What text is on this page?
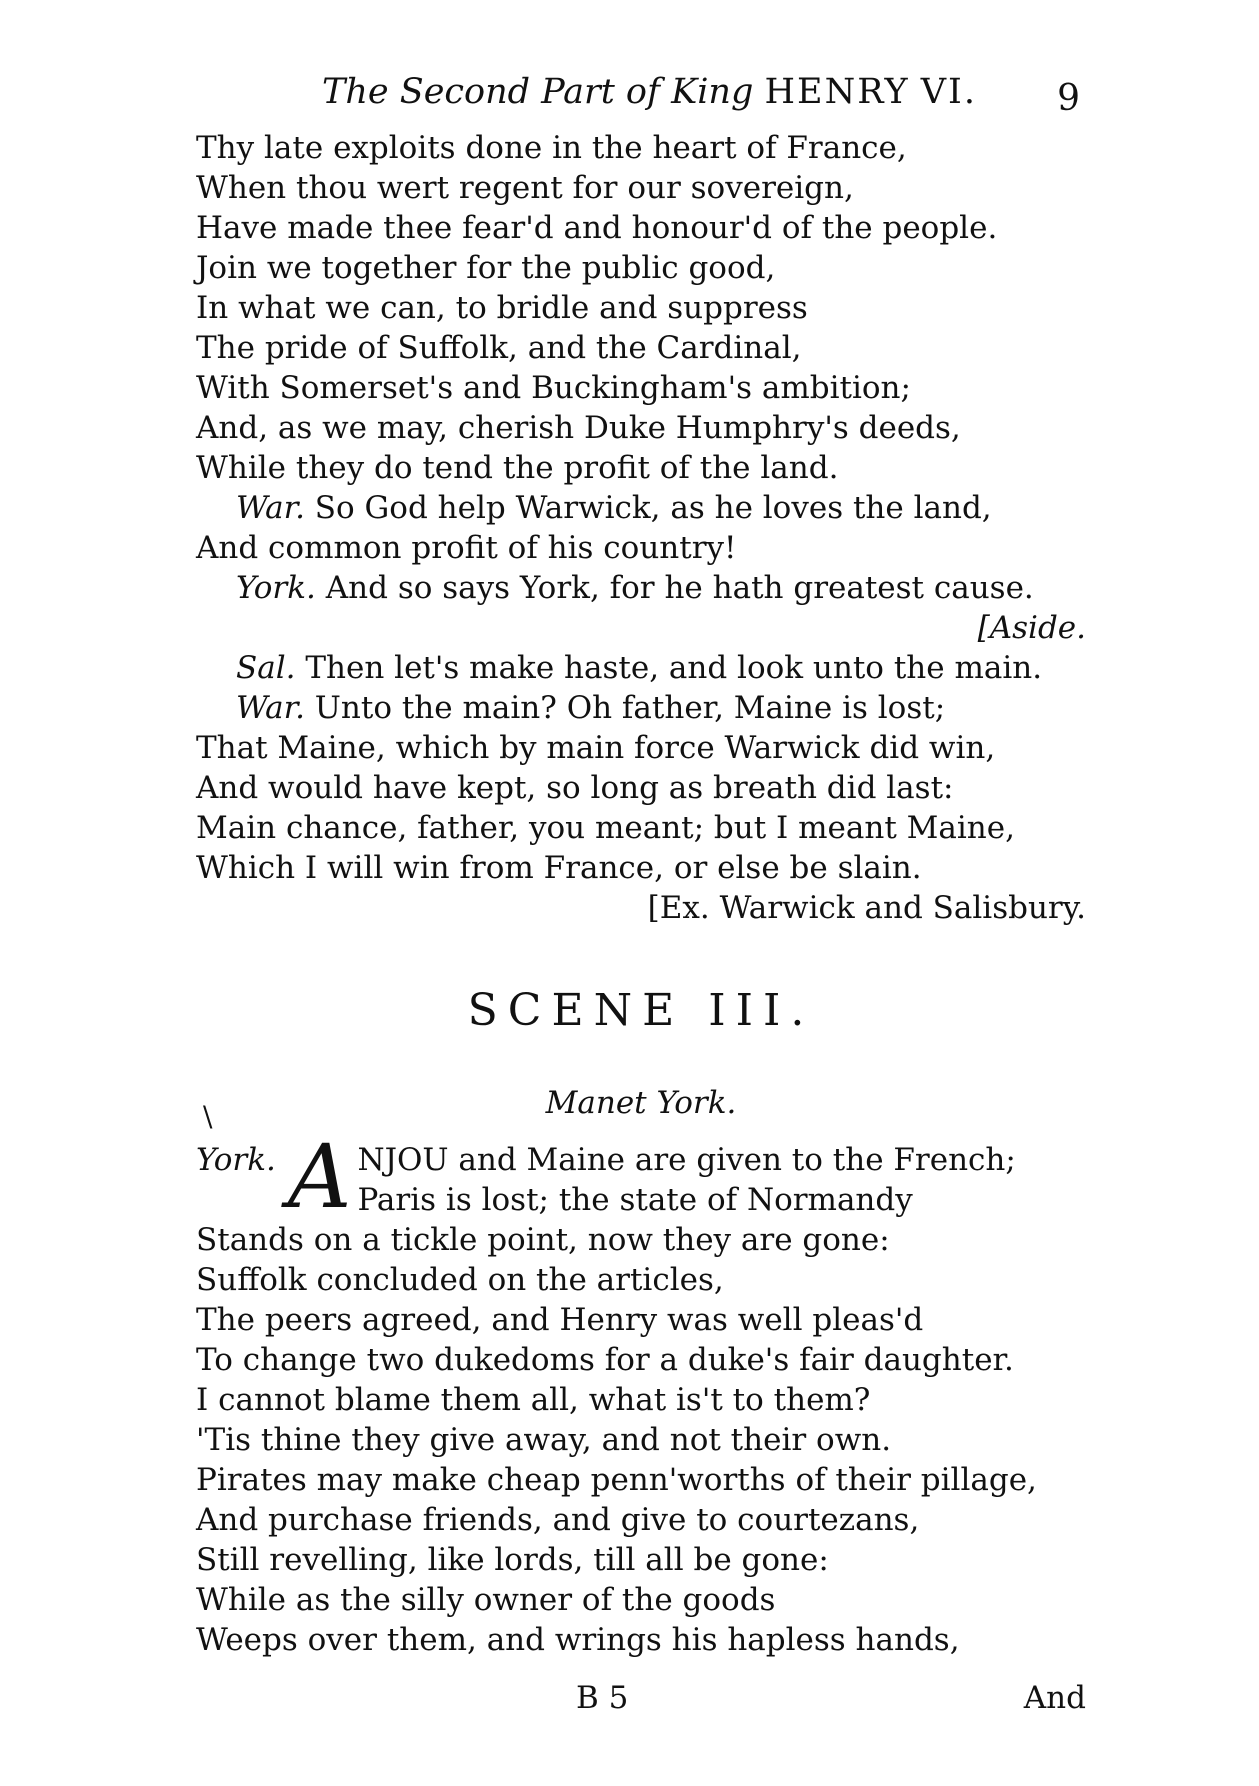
The Second Part of King HENRY VI. 9
Thy late exploits done in the heart of France,
When thou wert regent for our sovereign,
Have made thee fear'd and honour'd of the people.
Join we together for the public good,
In what we can, to bridle and suppress
The pride of Suffolk, and the Cardinal,
With Somerset's and Buckingham's ambition;
And, as we may, cherish Duke Humphry's deeds,
While they do tend the profit of the land.
War. So God help Warwick, as he loves the land,
And common profit of his country!
York. And so says York, for he hath greatest cause.
[Aside.
Sal. Then let's make haste, and look unto the main.
War. Unto the main? Oh father, Maine is lost;
That Maine, which by main force Warwick did win,
And would have kept, so long as breath did last:
Main chance, father, you meant; but I meant Maine,
Which I will win from France, or else be slain.
[Ex. Warwick and Salisbury.
SCENE III.
\	Manet York.
York. A NJOU and Maine are given to the French;
Paris is lost; the state of Normandy
Stands on a tickle point, now they are gone:
Suffolk concluded on the articles,
The peers agreed, and Henry was well pleas'd
To change two dukedoms for a duke's fair daughter.
I cannot blame them all, what is't to them?
'Tis thine they give away, and not their own.
Pirates may make cheap penn'worths of their pillage,
And purchase friends, and give to courtezans,
Still revelling, like lords, till all be gone:
While as the silly owner of the goods
Weeps over them, and wrings his hapless hands,
B 5	And
